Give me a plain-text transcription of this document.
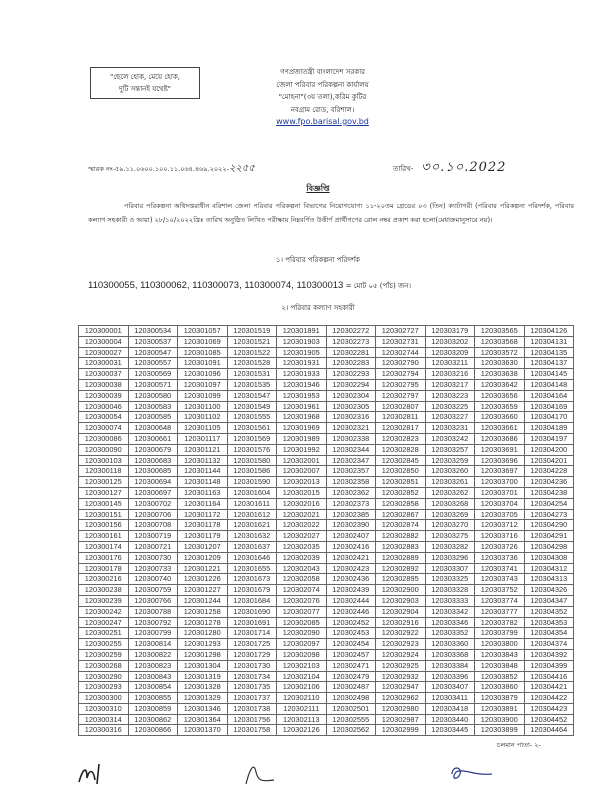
"ছেলে হোক, মেয়ে হোক,
দুটি সন্তানই যথেষ্ট"
গণপ্রজাতন্ত্রী বাংলাদেশ সরকার
জেলা পরিবার পরিকল্পনা কার্যালয়
"মোহনা"(৩য় তলা),করিম কুটির
নবগ্রাম রোড, বরিশাল।
www.fpo.barisal.gov.bd
স্মারক নং-৫৯.১১.০৬০০.১০০.১১.০৬৪.৪৬৯.২০২২-২২৫৫	তারিখ- ৩০.১০.2022
বিজ্ঞপ্তি
পরিবার পরিকল্পনা অধিদপ্তরাধীন বরিশাল জেলা পরিবার পরিকল্পনা বিভাগের নিয়োগযোগ্য ১১-২০তম গ্রেডের ০৩ (তিন) ক্যাটাগরী (পরিবার পরিকল্পনা পরিদর্শক, পরিবার কল্যাণ সহকারী ও আয়া) ২৮/১০/২০২২খ্রিঃ তারিখ অনুষ্ঠিত লিখিত পরীক্ষায় নিম্নবর্ণিত উত্তীর্ণ প্রার্থীগণের রোল নম্বর প্রকাশ করা হলো(মেধাক্রমানুসারে নয়)।
১। পরিবার পরিকল্পনা পরিদর্শক
110300055, 110300062, 110300073, 110300074, 110300013 = মোট ০৫ (পাঁচ) জন।
২। পরিবার কল্যাণ সহকারী
120300001	120300534	120301057	120301519	120301891	120302272	120302727	120303179	120303565	120304126
120300004	120300537	120301069	120301521	120301903	120302273	120302731	120303202	120303568	120304131
120300027	120300547	120301085	120301522	120301905	120302281	120302744	120303209	120303572	120304135
120300031	120300557	120301091	120301528	120301931	120302283	120302790	120303211	120303630	120304137
120300037	120300569	120301096	120301531	120301933	120302293	120302794	120303216	120303638	120304145
120300038	120300571	120301097	120301535	120301946	120302294	120302795	120303217	120303642	120304148
120300039	120300580	120301099	120301547	120301953	120302304	120302797	120303223	120303656	120304164
120300046	120300583	120301100	120301549	120301961	120302305	120302807	120303225	120303659	120304169
120300054	120300585	120301102	120301555	120301968	120302316	120302811	120303227	120303660	120304170
120300074	120300648	120301105	120301561	120301969	120302321	120302817	120303231	120303661	120304189
120300086	120300661	120301117	120301569	120301989	120302338	120302823	120303242	120303686	120304197
120300090	120300679	120301121	120301576	120301992	120302344	120302828	120303257	120303691	120304200
120300103	120300683	120301132	120301580	120302001	120302347	120302845	120303259	120303696	120304201
120300118	120300685	120301144	120301586	120302007	120302357	120302850	120303260	120303697	120304228
120300125	120300694	120301148	120301590	120302013	120302358	120302851	120303261	120303700	120304236
120300127	120300697	120301163	120301604	120302015	120302362	120302852	120303262	120303701	120304238
120300145	120300702	120301164	120301611	120302016	120302373	120302858	120303268	120303704	120304254
120300151	120300706	120301172	120301612	120302021	120302385	120302867	120303269	120303705	120304273
120300156	120300708	120301178	120301621	120302022	120302390	120302874	120303270	120303712	120304290
120300161	120300719	120301179	120301632	120302027	120302407	120302882	120303275	120303716	120304291
120300174	120300721	120301207	120301637	120302035	120302416	120302883	120303282	120303726	120304298
120300176	120300730	120301209	120301646	120302039	120302421	120302889	120303296	120303736	120304308
120300178	120300733	120301221	120301655	120302043	120302423	120302892	120303307	120303741	120304312
120300216	120300740	120301226	120301673	120302058	120302436	120302895	120303325	120303743	120304313
120300238	120300759	120301227	120301679	120302074	120302439	120302900	120303328	120303752	120304326
120300239	120300766	120301244	120301684	120302076	120302444	120302903	120303333	120303774	120304347
120300242	120300788	120301258	120301690	120302077	120302446	120302904	120303342	120303777	120304352
120300247	120300792	120301278	120301691	120302085	120302452	120302916	120303346	120303782	120304353
120300251	120300799	120301280	120301714	120302090	120302453	120302922	120303352	120303799	120304354
120300255	120300814	120301293	120301725	120302097	120302454	120302923	120303360	120303800	120304374
120300259	120300822	120301298	120301729	120302098	120302457	120302924	120303368	120303843	120304392
120300268	120300823	120301304	120301730	120302103	120302471	120302925	120303384	120303848	120304399
120300290	120300843	120301319	120301734	120302104	120302479	120302932	120303396	120303852	120304416
120300293	120300854	120301328	120301735	120302106	120302487	120302947	120303407	120303860	120304421
120300300	120300855	120301329	120301737	120302110	120302498	120302962	120303411	120303879	120304422
120300310	120300859	120301346	120301738	120302111	120302501	120302980	120303418	120303891	120304423
120300314	120300862	120301364	120301756	120302113	120302555	120302987	120303440	120303900	120304452
120300316	120300866	120301370	120301758	120302126	120302562	120302999	120303445	120303899	120304464
চলমান পাতা- ২-
